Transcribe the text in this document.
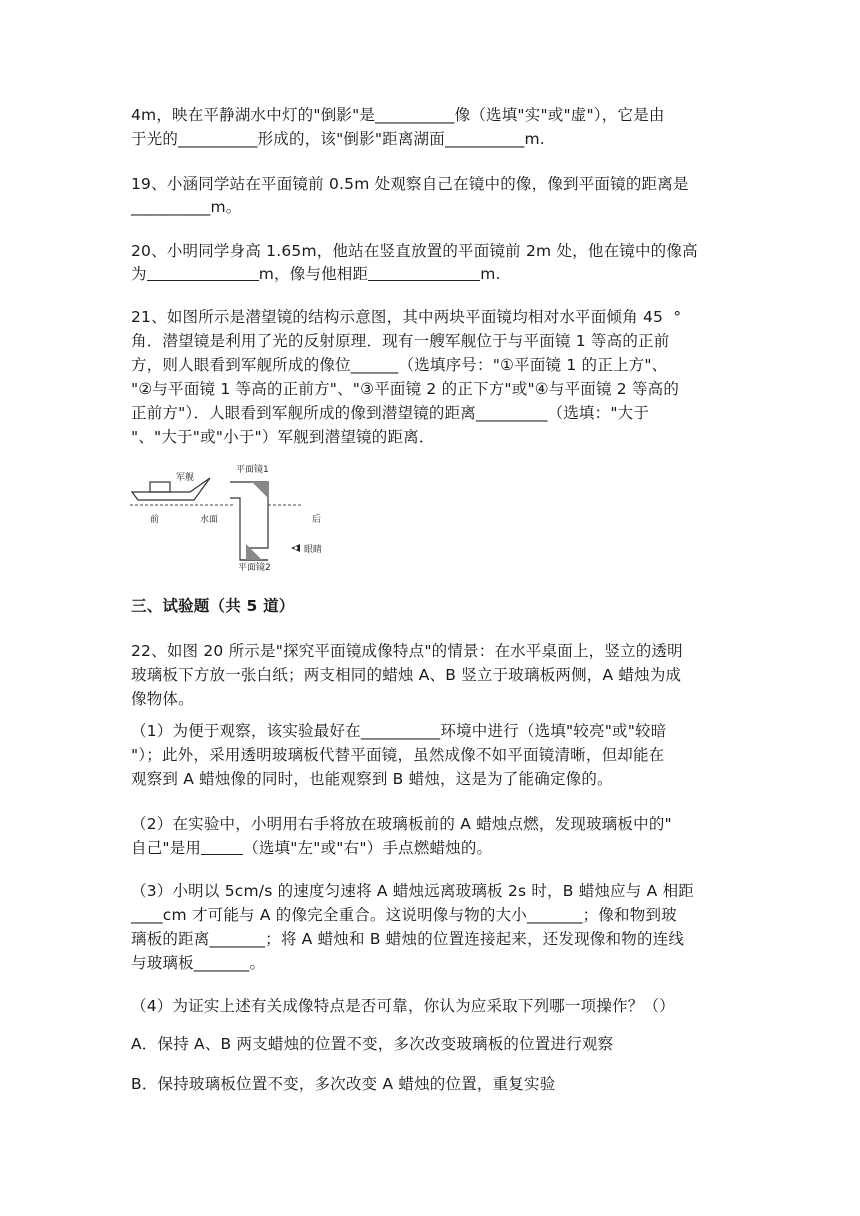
4m，映在平静湖水中灯的"倒影"是__________像（选填"实"或"虚"），它是由
于光的__________形成的，该"倒影"距离湖面__________m.
19、小涵同学站在平面镜前 0.5m 处观察自己在镜中的像，像到平面镜的距离是
__________m。
20、小明同学身高 1.65m，他站在竖直放置的平面镜前 2m 处，他在镜中的像高
为	m，像与他相距	m.
21、如图所示是潜望镜的结构示意图，其中两块平面镜均相对水平面倾角 45  °
角．潜望镜是利用了光的反射原理．现有一艘军舰位于与平面镜 1 等高的正前
方，则人眼看到军舰所成的像位______（选填序号："①平面镜 1 的正上方"、
"②与平面镜 1 等高的正前方"、"③平面镜 2 的正下方"或"④与平面镜 2 等高的
正前方"）．人眼看到军舰所成的像到潜望镜的距离_________（选填："大于
"、"大于"或"小于"）军舰到潜望镜的距离．
军舰
前	水面
平面镜1
平面镜2
后
眼睛
三、试验题（共 5 道）
22、如图 20 所示是"探究平面镜成像特点"的情景：在水平桌面上，竖立的透明
玻璃板下方放一张白纸；两支相同的蜡烛 A、B 竖立于玻璃板两侧，A 蜡烛为成
像物体。
（1）为便于观察，该实验最好在__________环境中进行（选填"较亮"或"较暗
"）；此外，采用透明玻璃板代替平面镜，虽然成像不如平面镜清晰，但却能在
观察到 A 蜡烛像的同时，也能观察到 B 蜡烛，这是为了能确定像的。
（2）在实验中，小明用右手将放在玻璃板前的 A 蜡烛点燃，发现玻璃板中的"
自己"是用	（选填"左"或"右"）手点燃蜡烛的。
（3）小明以 5cm/s 的速度匀速将 A 蜡烛远离玻璃板 2s 时，B 蜡烛应与 A 相距
____cm 才可能与 A 的像完全重合。这说明像与物的大小_______；像和物到玻
璃板的距离_______；将 A 蜡烛和 B 蜡烛的位置连接起来，还发现像和物的连线
与玻璃板_______。
（4）为证实上述有关成像特点是否可靠，你认为应采取下列哪一项操作？（）
A．保持 A、B 两支蜡烛的位置不变，多次改变玻璃板的位置进行观察
B．保持玻璃板位置不变，多次改变 A 蜡烛的位置，重复实验
